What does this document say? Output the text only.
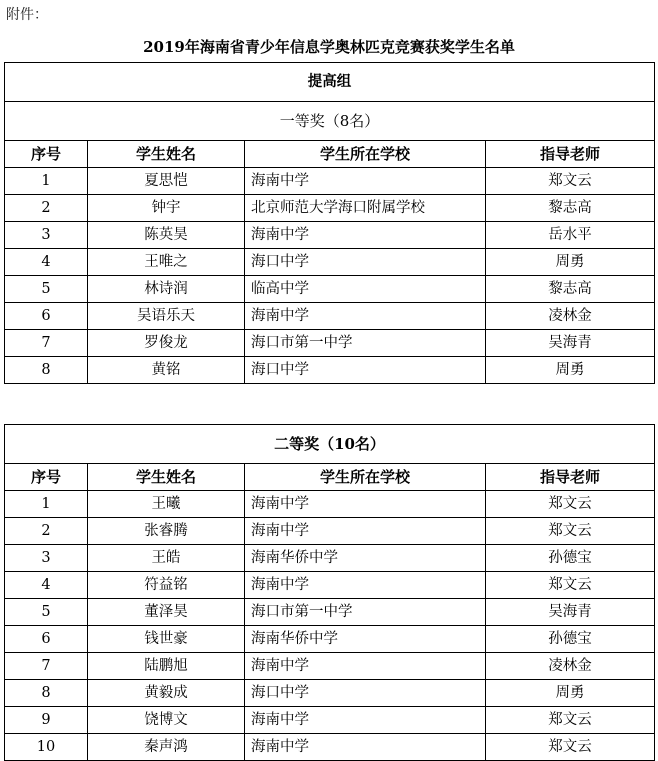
附件：
2019年海南省青少年信息学奥林匹克竞赛获奖学生名单
提高组			
一等奖（8名）			
序号	学生姓名	学生所在学校	指导老师
1	夏思恺	海南中学	郑文云
2	钟宇	北京师范大学海口附属学校	黎志高
3	陈英昊	海南中学	岳水平
4	王唯之	海口中学	周勇
5	林诗润	临高中学	黎志高
6	吴语乐天	海南中学	凌林金
7	罗俊龙	海口市第一中学	吴海青
8	黄铭	海口中学	周勇
二等奖（10名）			
序号	学生姓名	学生所在学校	指导老师
1	王曦	海南中学	郑文云
2	张睿腾	海南中学	郑文云
3	王皓	海南华侨中学	孙德宝
4	符益铭	海南中学	郑文云
5	董泽昊	海口市第一中学	吴海青
6	钱世豪	海南华侨中学	孙德宝
7	陆鹏旭	海南中学	凌林金
8	黄毅成	海口中学	周勇
9	饶博文	海南中学	郑文云
10	秦声鸿	海南中学	郑文云
